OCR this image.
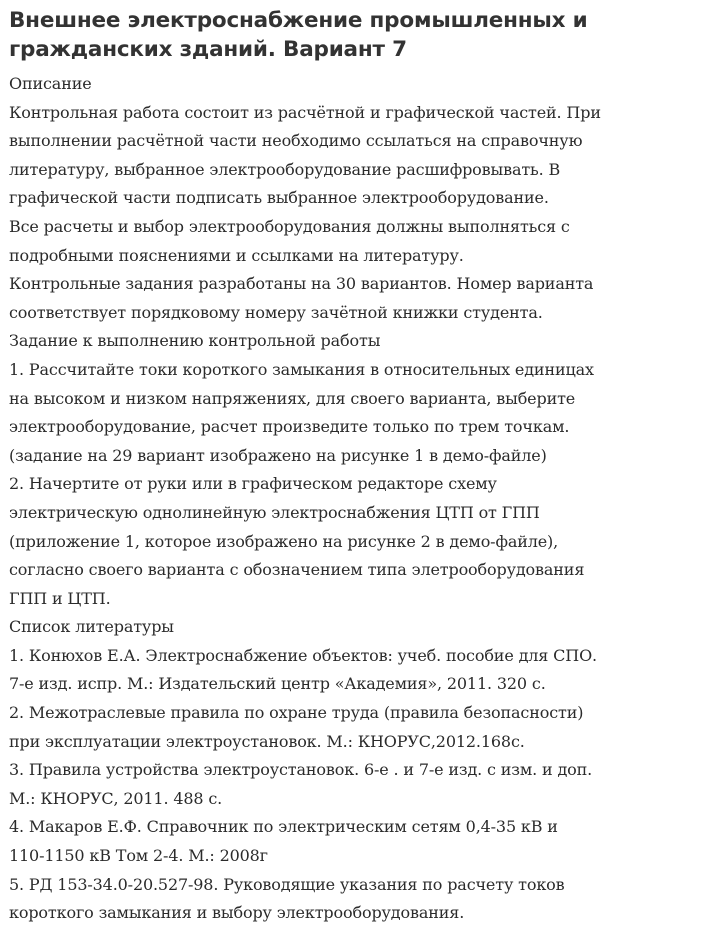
Внешнее электроснабжение промышленных и
гражданских зданий. Вариант 7
Описание
Контрольная работа состоит из расчётной и графической частей. При
выполнении расчётной части необходимо ссылаться на справочную
литературу, выбранное электрооборудование расшифровывать. В
графической части подписать выбранное электрооборудование.
Все расчеты и выбор электрооборудования должны выполняться с
подробными пояснениями и ссылками на литературу.
Контрольные задания разработаны на 30 вариантов. Номер варианта
соответствует порядковому номеру зачётной книжки студента.
Задание к выполнению контрольной работы
1. Рассчитайте токи короткого замыкания в относительных единицах
на высоком и низком напряжениях, для своего варианта, выберите
электрооборудование, расчет произведите только по трем точкам.
(задание на 29 вариант изображено на рисунке 1 в демо-файле)
2. Начертите от руки или в графическом редакторе схему
электрическую однолинейную электроснабжения ЦТП от ГПП
(приложение 1, которое изображено на рисунке 2 в демо-файле),
согласно своего варианта с обозначением типа элетрооборудования
ГПП и ЦТП.
Список литературы
1. Конюхов Е.А. Электроснабжение объектов: учеб. пособие для СПО.
7-е изд. испр. М.: Издательский центр «Академия», 2011. 320 с.
2. Межотраслевые правила по охране труда (правила безопасности)
при эксплуатации электроустановок. М.: КНОРУС,2012.168с.
3. Правила устройства электроустановок. 6-е . и 7-е изд. с изм. и доп.
М.: КНОРУС, 2011. 488 с.
4. Макаров Е.Ф. Справочник по электрическим сетям 0,4-35 кВ и
110-1150 кВ Том 2-4. М.: 2008г
5. РД 153-34.0-20.527-98. Руководящие указания по расчету токов
короткого замыкания и выбору электрооборудования.
